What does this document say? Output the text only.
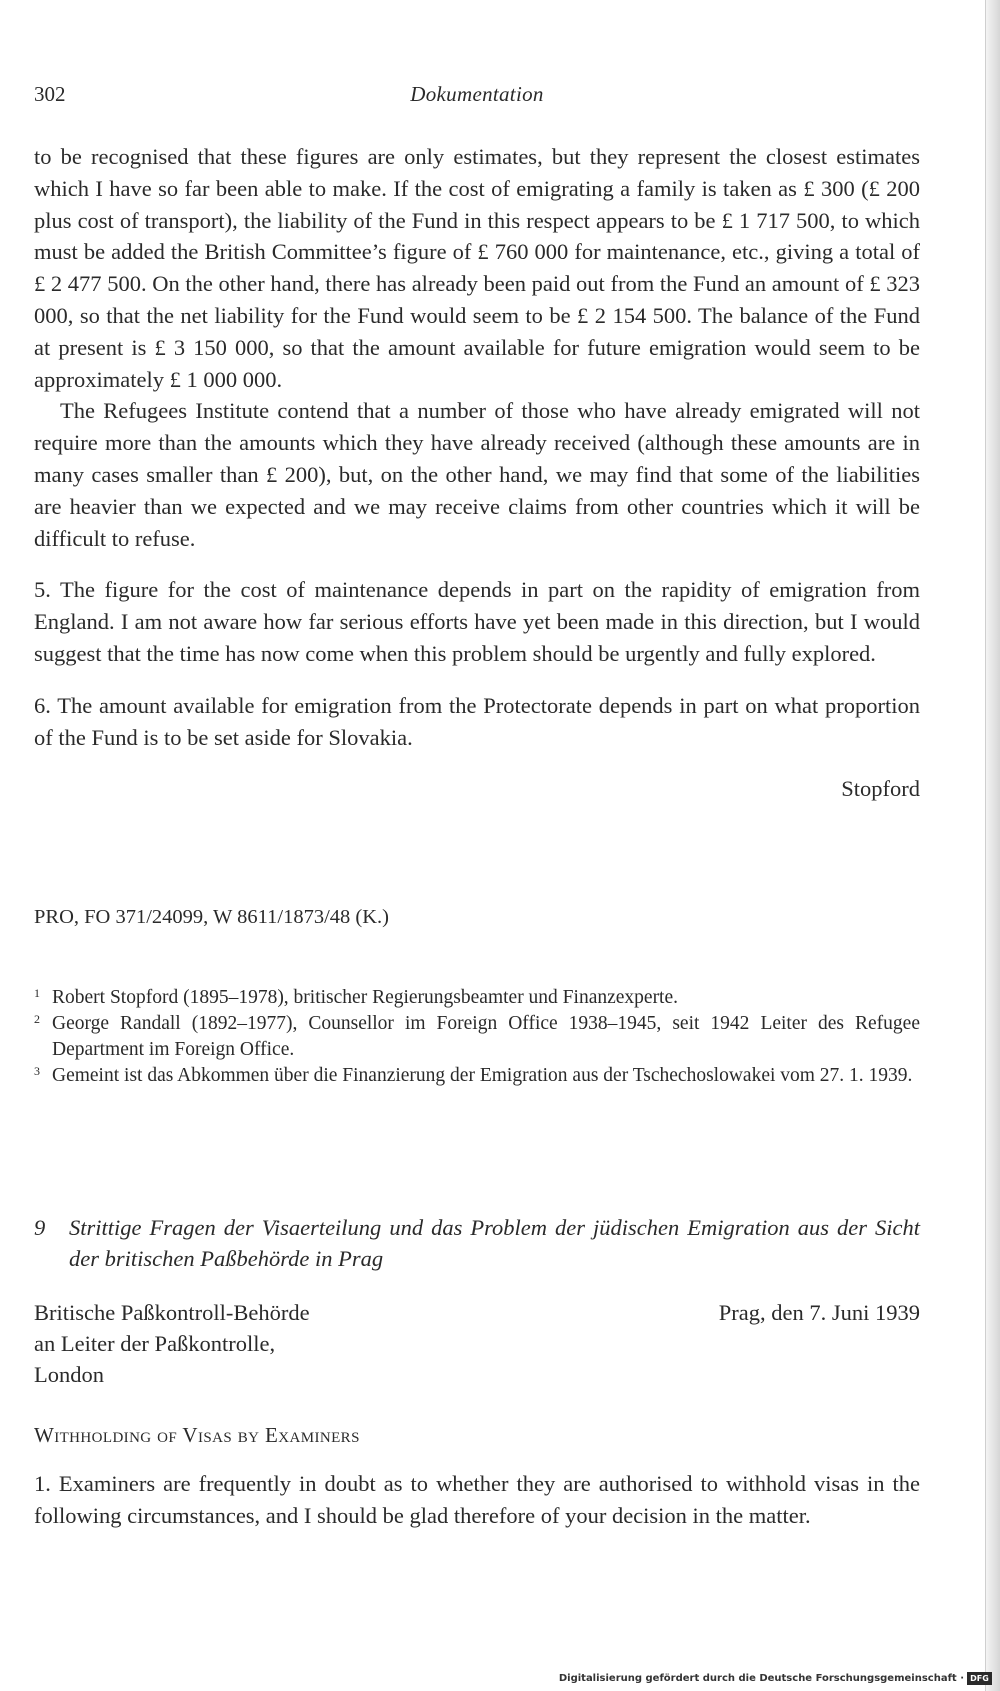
302	Dokumentation

to be recognised that these figures are only estimates, but they represent the closest estimates which I have so far been able to make. If the cost of emigrating a family is taken as £ 300 (£ 200 plus cost of transport), the liability of the Fund in this respect appears to be £ 1 717 500, to which must be added the British Committee’s figure of £ 760 000 for maintenance, etc., giving a total of £ 2 477 500. On the other hand, there has already been paid out from the Fund an amount of £ 323 000, so that the net liability for the Fund would seem to be £ 2 154 500. The balance of the Fund at present is £ 3 150 000, so that the amount available for future emigration would seem to be approximately £ 1 000 000.

The Refugees Institute contend that a number of those who have already emigrated will not require more than the amounts which they have already received (although these amounts are in many cases smaller than £ 200), but, on the other hand, we may find that some of the liabilities are heavier than we expected and we may receive claims from other countries which it will be difficult to refuse.

5. The figure for the cost of maintenance depends in part on the rapidity of emigration from England. I am not aware how far serious efforts have yet been made in this direction, but I would suggest that the time has now come when this problem should be urgently and fully explored.

6. The amount available for emigration from the Protectorate depends in part on what proportion of the Fund is to be set aside for Slovakia.

Stopford

PRO, FO 371/24099, W 8611/1873/48 (K.)
1 Robert Stopford (1895–1978), britischer Regierungsbeamter und Finanzexperte.
2 George Randall (1892–1977), Counsellor im Foreign Office 1938–1945, seit 1942 Leiter des Refugee Department im Foreign Office.
3 Gemeint ist das Abkommen über die Finanzierung der Emigration aus der Tschechoslowakei vom 27. 1. 1939.
9	Strittige Fragen der Visaerteilung und das Problem der jüdischen Emigration aus der Sicht der britischen Paßbehörde in Prag
Britische Paßkontroll-Behörde
an Leiter der Paßkontrolle,
London
Prag, den 7. Juni 1939
Withholding of Visas by Examiners

1. Examiners are frequently in doubt as to whether they are authorised to withhold visas in the following circumstances, and I should be glad therefore of your decision in the matter.

Digitalisierung gefördert durch die Deutsche Forschungsgemeinschaft · DFG
